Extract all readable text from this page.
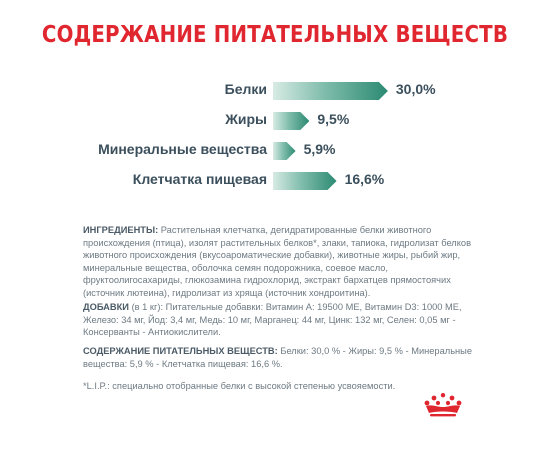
СОДЕРЖАНИЕ ПИТАТЕЛЬНЫХ ВЕЩЕСТВ
Белки	30,0%
Жиры	9,5%
Минеральные вещества	5,9%
Клетчатка пищевая	16,6%
ИНГРЕДИЕНТЫ: Растительная клетчатка, дегидратированные белки животного происхождения (птица), изолят растительных белков*, злаки, тапиока, гидролизат белков животного происхождения (вкусоароматические добавки), животные жиры, рыбий жир, минеральные вещества, оболочка семян подорожника, соевое масло, фруктоолигосахариды, глюкозамина гидрохлорид, экстракт бархатцев прямостоячих (источник лютеина), гидролизат из хряща (источник хондроитина).
ДОБАВКИ (в 1 кг): Питательные добавки: Витамин А: 19500 МЕ, Витамин D3: 1000 МЕ, Железо: 34 мг, Йод: 3,4 мг, Медь: 10 мг, Марганец: 44 мг, Цинк: 132 мг, Селен: 0,05 мг - Консерванты - Антиокислители.
СОДЕРЖАНИЕ ПИТАТЕЛЬНЫХ ВЕЩЕСТВ: Белки: 30,0 % - Жиры: 9,5 % - Минеральные вещества: 5,9 % - Клетчатка пищевая: 16,6 %.
*L.I.P.: специально отобранные белки с высокой степенью усвояемости.
